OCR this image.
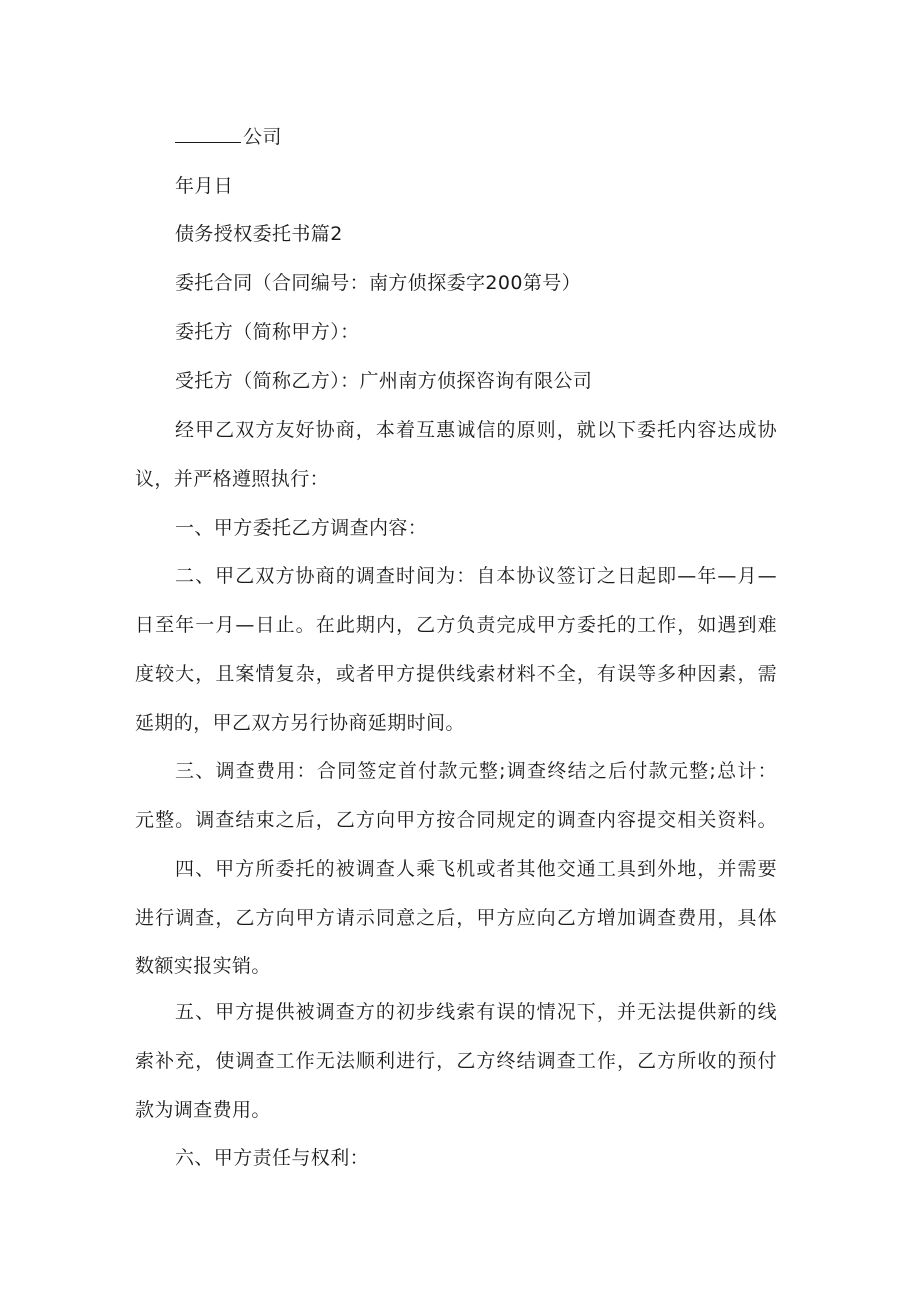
公司
年月日
债务授权委托书篇2
委托合同（合同编号：南方侦探委字200第号）
委托方（简称甲方）：
受托方（简称乙方）：广州南方侦探咨询有限公司
经甲乙双方友好协商，本着互惠诚信的原则，就以下委托内容达成协
议，并严格遵照执行：
一、甲方委托乙方调查内容：
二、甲乙双方协商的调查时间为：自本协议签订之日起即—年—月—
日至年一月—日止。在此期内，乙方负责完成甲方委托的工作，如遇到难
度较大，且案情复杂，或者甲方提供线索材料不全，有误等多种因素，需
延期的，甲乙双方另行协商延期时间。
三、调查费用：合同签定首付款元整;调查终结之后付款元整;总计：
元整。调查结束之后，乙方向甲方按合同规定的调查内容提交相关资料。
四、甲方所委托的被调查人乘飞机或者其他交通工具到外地，并需要
进行调查，乙方向甲方请示同意之后，甲方应向乙方增加调查费用，具体
数额实报实销。
五、甲方提供被调查方的初步线索有误的情况下，并无法提供新的线
索补充，使调查工作无法顺利进行，乙方终结调查工作，乙方所收的预付
款为调查费用。
六、甲方责任与权利：
